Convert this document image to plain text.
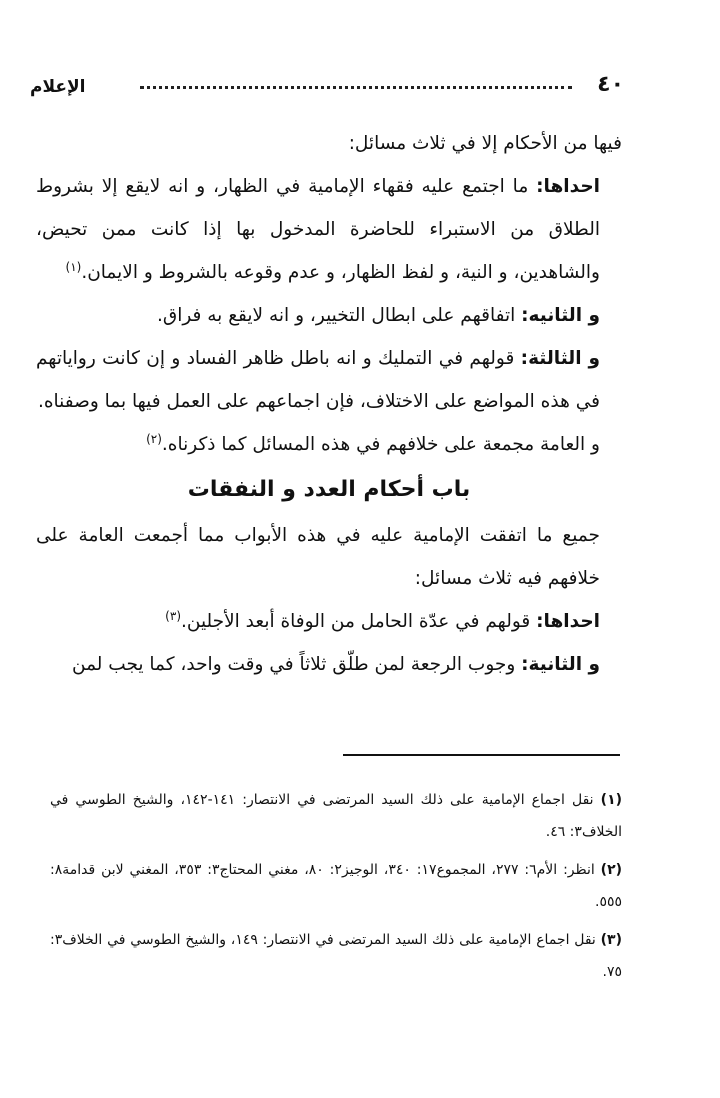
٤٠
الإعلام

فيها من الأحكام إلا في ثلاث مسائل:

احداها: ما اجتمع عليه فقهاء الإمامية في الظهار، و انه لايقع إلا بشروط الطلاق من الاستبراء للحاضرة المدخول بها إذا كانت ممن تحيض، والشاهدين، و النية، و لفظ الظهار، و عدم وقوعه بالشروط و الايمان.$^{(١)}$

و الثانيه: اتفاقهم على ابطال التخيير، و انه لايقع به فراق.

و الثالثة: قولهم في التمليك و انه باطل ظاهر الفساد و إن كانت رواياتهم في هذه المواضع على الاختلاف، فإن اجماعهم على العمل فيها بما وصفناه.

و العامة مجمعة على خلافهم في هذه المسائل كما ذكرناه.$^{(٢)}$

باب أحكام العدد و النفقات

جميع ما اتفقت الإمامية عليه في هذه الأبواب مما أجمعت العامة على خلافهم فيه ثلاث مسائل:

احداها: قولهم في عدّة الحامل من الوفاة أبعد الأجلين.$^{(٣)}$

و الثانية: وجوب الرجعة لمن طلّق ثلاثاً في وقت واحد، كما يجب لمن

(١) نقل اجماع الإمامية على ذلك السيد المرتضى في الانتصار: ١٤١-١٤٢، والشيخ الطوسي في الخلاف٣: ٤٦.

(٢) انظر: الأم٦: ٢٧٧، المجموع١٧: ٣٤٠، الوجيز٢: ٨٠، مغني المحتاج٣: ٣٥٣، المغني لابن قدامة٨: ٥٥٥.

(٣) نقل اجماع الإمامية على ذلك السيد المرتضى في الانتصار: ١٤٩، والشيخ الطوسي في الخلاف٣: ٧٥.
